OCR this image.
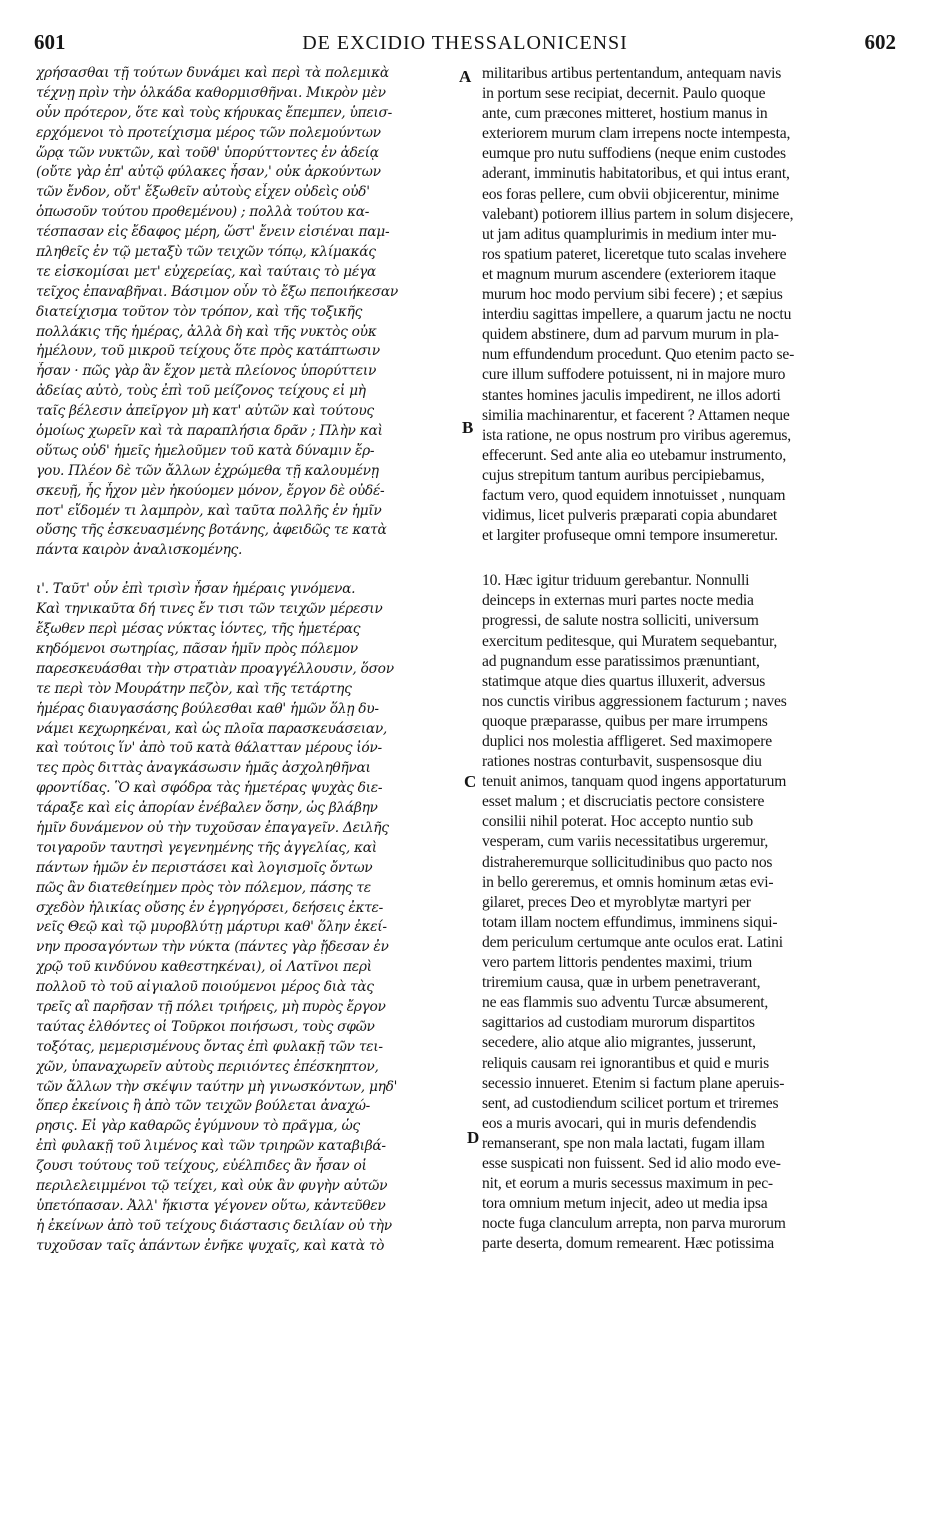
601	DE EXCIDIO THESSALONICENSI	602
χρήσασθαι τῇ τούτων δυνάμει καὶ περὶ τὰ πολεμικὰ
τέχνῃ πρὶν τὴν ὁλκάδα καθορμισθῆναι. Μικρὸν μὲν
οὖν πρότερον, ὅτε καὶ τοὺς κήρυκας ἔπεμπεν, ὑπεισ-
ερχόμενοι τὸ προτείχισμα μέρος τῶν πολεμούντων
ὥρᾳ τῶν νυκτῶν, καὶ τοῦθ' ὑπορύττοντες ἐν ἀδείᾳ
(οὔτε γὰρ ἐπ' αὐτῷ φύλακες ἦσαν,' οὐκ ἀρκούντων
τῶν ἔνδον, οὔτ' ἔξωθεῖν αὐτοὺς εἶχεν οὐδεὶς οὐδ'
ὁπωσοῦν τούτου προθεμένου) ; πολλὰ τούτου κα-
τέσπασαν εἰς ἔδαφος μέρη, ὥστ' ἔνειν εἰσιέναι παμ-
πληθεῖς ἐν τῷ μεταξὺ τῶν τειχῶν τόπῳ, κλίμακάς
τε εἰσκομίσαι μετ' εὐχερείας, καὶ ταύταις τὸ μέγα
τεῖχος ἐπαναβῆναι. Βάσιμον οὖν τὸ ἔξω πεποιήκεσαν
διατείχισμα τοῦτον τὸν τρόπον, καὶ τῆς τοξικῆς
πολλάκις τῆς ἡμέρας, ἀλλὰ δὴ καὶ τῆς νυκτὸς οὐκ
ἠμέλουν, τοῦ μικροῦ τείχους ὅτε πρὸς κατάπτωσιν
ἦσαν · πῶς γὰρ ἂν ἔχον μετὰ πλείονος ὑπορύττειν
ἀδείας αὐτὸ, τοὺς ἐπὶ τοῦ μείζονος τείχους εἰ μὴ
ταῖς βέλεσιν ἀπεῖργον μὴ κατ' αὐτῶν καὶ τούτους
ὁμοίως χωρεῖν καὶ τὰ παραπλήσια δρᾶν ; Πλὴν καὶ
οὕτως οὐδ' ἡμεῖς ἠμελοῦμεν τοῦ κατὰ δύναμιν ἔρ-
γου. Πλέον δὲ τῶν ἄλλων ἐχρώμεθα τῇ καλουμένῃ
σκευῇ, ἧς ἦχον μὲν ἠκούομεν μόνον, ἔργον δὲ οὐδέ-
ποτ' εἴδομέν τι λαμπρὸν, καὶ ταῦτα πολλῆς ἐν ἡμῖν
οὔσης τῆς ἐσκευασμένης βοτάνης, ἀφειδῶς τε κατὰ
πάντα καιρὸν ἀναλισκομένης.
ι'. Ταῦτ' οὖν ἐπὶ τρισὶν ἦσαν ἡμέραις γινόμενα.
Καὶ τηνικαῦτα δή τινες ἔν τισι τῶν τειχῶν μέρεσιν
ἔξωθεν περὶ μέσας νύκτας ἰόντες, τῆς ἡμετέρας
κηδόμενοι σωτηρίας, πᾶσαν ἡμῖν πρὸς πόλεμον
παρεσκευάσθαι τὴν στρατιὰν προαγγέλλουσιν, ὅσον
τε περὶ τὸν Μουράτην πεζὸν, καὶ τῆς τετάρτης
ἡμέρας διαυγασάσης βούλεσθαι καθ' ἡμῶν ὅλῃ δυ-
νάμει κεχωρηκέναι, καὶ ὡς πλοῖα παρασκευάσειαν,
καὶ τούτοις ἵν' ἀπὸ τοῦ κατὰ θάλατταν μέρους ἰόν-
τες πρὸς διττὰς ἀναγκάσωσιν ἡμᾶς ἀσχοληθῆναι
φροντίδας. Ὃ καὶ σφόδρα τὰς ἡμετέρας ψυχὰς διε-
τάραξε καὶ εἰς ἀπορίαν ἐνέβαλεν ὅσην, ὡς βλάβην
ἡμῖν δυνάμενον οὐ τὴν τυχοῦσαν ἐπαγαγεῖν. Δειλῆς
τοιγαροῦν ταυτησὶ γεγενημένης τῆς ἀγγελίας, καὶ
πάντων ἡμῶν ἐν περιστάσει καὶ λογισμοῖς ὄντων
πῶς ἂν διατεθείημεν πρὸς τὸν πόλεμον, πάσης τε
σχεδὸν ἡλικίας οὔσης ἐν ἐγρηγόρσει, δεήσεις ἐκτε-
νεῖς Θεῷ καὶ τῷ μυροβλύτῃ μάρτυρι καθ' ὅλην ἐκεί-
νην προσαγόντων τὴν νύκτα (πάντες γὰρ ᾔδεσαν ἐν
χρῷ τοῦ κινδύνου καθεστηκέναι), οἱ Λατῖνοι περὶ
πολλοῦ τὸ τοῦ αἰγιαλοῦ ποιούμενοι μέρος διὰ τὰς
τρεῖς αἳ παρῆσαν τῇ πόλει τριήρεις, μὴ πυρὸς ἔργον
ταύτας ἐλθόντες οἱ Τοῦρκοι ποιήσωσι, τοὺς σφῶν
τοξότας, μεμερισμένους ὄντας ἐπὶ φυλακῇ τῶν τει-
χῶν, ὑπαναχωρεῖν αὐτοὺς περιιόντες ἐπέσκηπτον,
τῶν ἄλλων τὴν σκέψιν ταύτην μὴ γινωσκόντων, μηδ'
ὅπερ ἐκείνοις ἢ ἀπὸ τῶν τειχῶν βούλεται ἀναχώ-
ρησις. Εἰ γὰρ καθαρῶς ἐγύμνουν τὸ πρᾶγμα, ὡς
ἐπὶ φυλακῇ τοῦ λιμένος καὶ τῶν τριηρῶν καταβιβά-
ζουσι τούτους τοῦ τείχους, εὐέλπιδες ἂν ἦσαν οἱ
περιλελειμμένοι τῷ τείχει, καὶ οὐκ ἂν φυγὴν αὐτῶν
ὑπετόπασαν. Ἀλλ' ἥκιστα γέγονεν οὕτω, κἀντεῦθεν
ἡ ἐκείνων ἀπὸ τοῦ τείχους διάστασις δειλίαν οὐ τὴν
τυχοῦσαν ταῖς ἁπάντων ἐνῆκε ψυχαῖς, καὶ κατὰ τὸ
militaribus artibus pertentandum, antequam navis
in portum sese recipiat, decernit. Paulo quoque
ante, cum præcones mitteret, hostium manus in
exteriorem murum clam irrepens nocte intempesta,
eumque pro nutu suffodiens (neque enim custodes
aderant, imminutis habitatoribus, et qui intus erant,
eos foras pellere, cum obvii objicerentur, minime
valebant) potiorem illius partem in solum disjecere,
ut jam aditus quamplurimis in medium inter mu-
ros spatium pateret, liceretque tuto scalas invehere
et magnum murum ascendere (exteriorem itaque
murum hoc modo pervium sibi fecere) ; et sæpius
interdiu sagittas impellere, a quarum jactu ne noctu
quidem abstinere, dum ad parvum murum in pla-
num effundendum procedunt. Quo etenim pacto se-
cure illum suffodere potuissent, ni in majore muro
stantes homines jaculis impedirent, ne illos adorti
similia machinarentur, et facerent ? Attamen neque
ista ratione, ne opus nostrum pro viribus ageremus,
effecerunt. Sed ante alia eo utebamur instrumento,
cujus strepitum tantum auribus percipiebamus,
factum vero, quod equidem innotuisset , nunquam
vidimus, licet pulveris præparati copia abundaret
et largiter profuseque omni tempore insumeretur.
10. Hæc igitur triduum gerebantur. Nonnulli
deinceps in externas muri partes nocte media
progressi, de salute nostra solliciti, universum
exercitum peditesque, qui Muratem sequebantur,
ad pugnandum esse paratissimos prænuntiant,
statimque atque dies quartus illuxerit, adversus
nos cunctis viribus aggressionem facturum ; naves
quoque præparasse, quibus per mare irrumpens
duplici nos molestia affligeret. Sed maximopere
rationes nostras conturbavit, suspensosque diu
tenuit animos, tanquam quod ingens apportaturum
esset malum ; et discruciatis pectore consistere
consilii nihil poterat. Hoc accepto nuntio sub
vesperam, cum variis necessitatibus urgeremur,
distraheremurque sollicitudinibus quo pacto nos
in bello gereremus, et omnis hominum ætas evi-
gilaret, preces Deo et myroblytæ martyri per
totam illam noctem effundimus, imminens siqui-
dem periculum certumque ante oculos erat. Latini
vero partem littoris pendentes maximi, trium
triremium causa, quæ in urbem penetraverant,
ne eas flammis suo adventu Turcæ absumerent,
sagittarios ad custodiam murorum dispartitos
secedere, alio atque alio migrantes, jusserunt,
reliquis causam rei ignorantibus et quid e muris
secessio innueret. Etenim si factum plane aperuis-
sent, ad custodiendum scilicet portum et triremes
eos a muris avocari, qui in muris defendendis
remanserant, spe non mala lactati, fugam illam
esse suspicati non fuissent. Sed id alio modo eve-
nit, et eorum a muris secessus maximum in pec-
tora omnium metum injecit, adeo ut media ipsa
nocte fuga clanculum arrepta, non parva murorum
parte deserta, domum remearent. Hæc potissima
A
B
C
D
